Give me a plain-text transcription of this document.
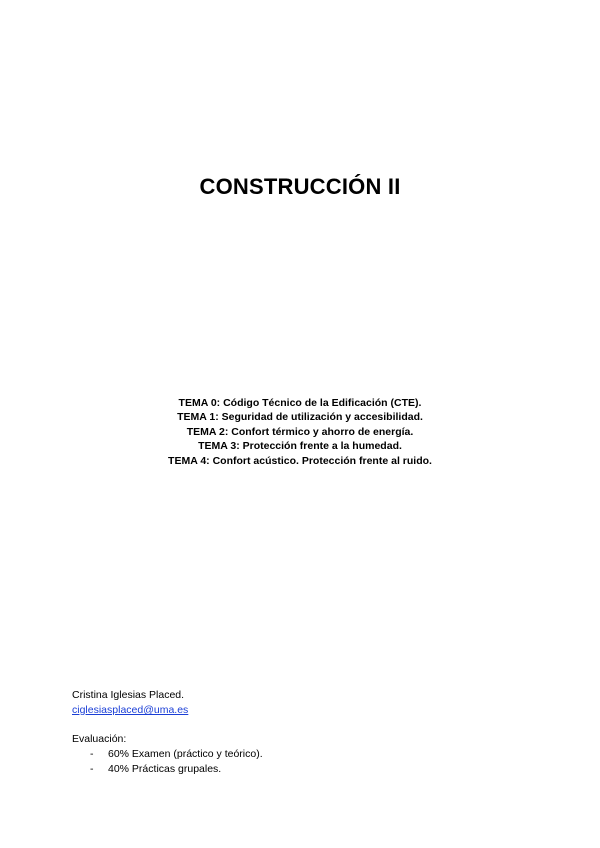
CONSTRUCCIÓN II
TEMA 0: Código Técnico de la Edificación (CTE).
TEMA 1: Seguridad de utilización y accesibilidad.
TEMA 2: Confort térmico y ahorro de energía.
TEMA 3: Protección frente a la humedad.
TEMA 4: Confort acústico. Protección frente al ruido.
Cristina Iglesias Placed.
ciglesiasplaced@uma.es
Evaluación:
- 60% Examen (práctico y teórico).
- 40% Prácticas grupales.
